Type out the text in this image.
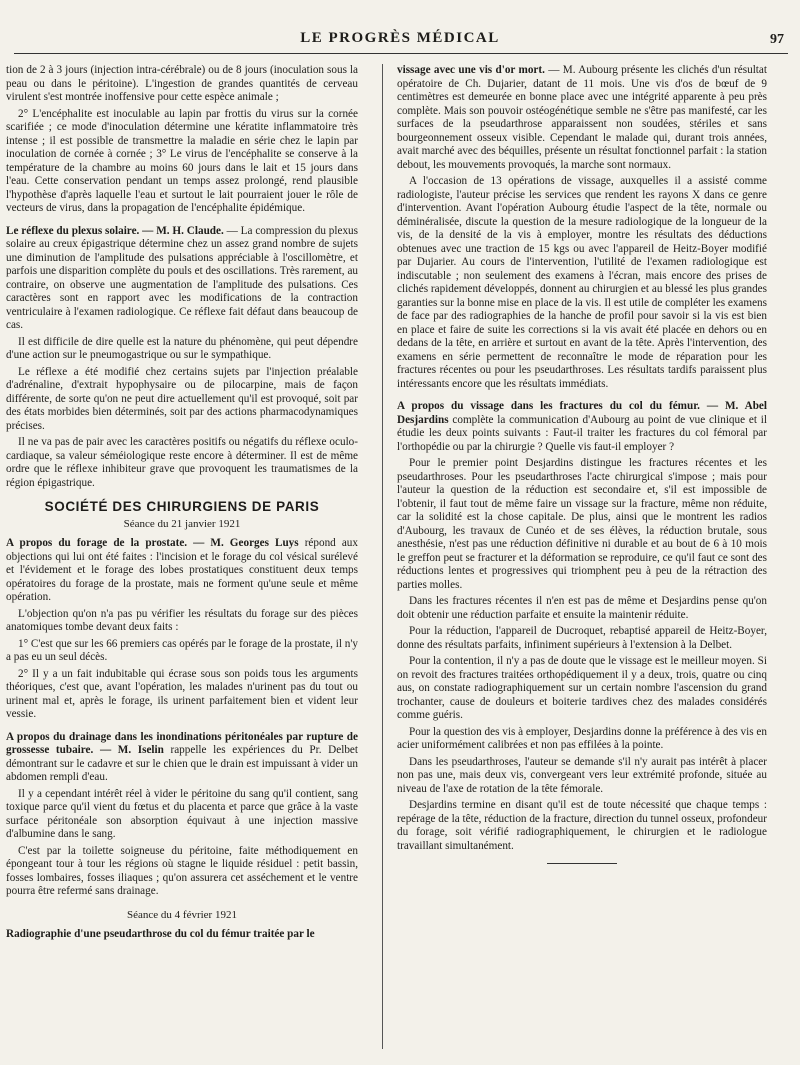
LE PROGRÈS MÉDICAL	97

tion de 2 à 3 jours (injection intra-cérébrale) ou de 8 jours (inoculation sous la peau ou dans le péritoine). L'ingestion de grandes quantités de cerveau virulent s'est montrée inoffensive pour cette espèce animale ;

2° L'encéphalite est inoculable au lapin par frottis du virus sur la cornée scarifiée ; ce mode d'inoculation détermine une kératite inflammatoire très intense ; il est possible de transmettre la maladie en série chez le lapin par inoculation de cornée à cornée ; 3° Le virus de l'encéphalite se conserve à la température de la chambre au moins 60 jours dans le lait et 15 jours dans l'eau. Cette conservation pendant un temps assez prolongé, rend plausible l'hypothèse d'après laquelle l'eau et surtout le lait pourraient jouer le rôle de vecteurs de virus, dans la propagation de l'encéphalite épidémique.

Le réflexe du plexus solaire. — M. H. Claude. — La compression du plexus solaire au creux épigastrique détermine chez un assez grand nombre de sujets une diminution de l'amplitude des pulsations appréciable à l'oscillomètre, et parfois une disparition complète du pouls et des oscillations. Très rarement, au contraire, on observe une augmentation de l'amplitude des pulsations. Ces caractères sont en rapport avec les modifications de la contraction ventriculaire à l'examen radiologique. Ce réflexe fait défaut dans beaucoup de cas.

Il est difficile de dire quelle est la nature du phénomène, qui peut dépendre d'une action sur le pneumogastrique ou sur le sympathique.

Le réflexe a été modifié chez certains sujets par l'injection préalable d'adrénaline, d'extrait hypophysaire ou de pilocarpine, mais de façon différente, de sorte qu'on ne peut dire actuellement qu'il est provoqué, soit par des états morbides bien déterminés, soit par des actions pharmacodynamiques précises.

Il ne va pas de pair avec les caractères positifs ou négatifs du réflexe oculo-cardiaque, sa valeur séméiologique reste encore à déterminer. Il est de même ordre que le réflexe inhibiteur grave que provoquent les traumatismes de la région épigastrique.

SOCIÉTÉ DES CHIRURGIENS DE PARIS
Séance du 21 janvier 1921

A propos du forage de la prostate. — M. Georges Luys répond aux objections qui lui ont été faites : l'incision et le forage du col vésical surélevé et l'évidement et le forage des lobes prostatiques constituent deux temps opératoires du forage de la prostate, mais ne forment qu'une seule et même opération.

L'objection qu'on n'a pas pu vérifier les résultats du forage sur des pièces anatomiques tombe devant deux faits :

1° C'est que sur les 66 premiers cas opérés par le forage de la prostate, il n'y a pas eu un seul décès.

2° Il y a un fait indubitable qui écrase sous son poids tous les arguments théoriques, c'est que, avant l'opération, les malades n'urinent pas du tout ou urinent mal et, après le forage, ils urinent parfaitement bien et vident leur vessie.

A propos du drainage dans les inondinations péritonéales par rupture de grossesse tubaire. — M. Iselin rappelle les expériences du Pr. Delbet démontrant sur le cadavre et sur le chien que le drain est impuissant à vider un abdomen rempli d'eau.

Il y a cependant intérêt réel à vider le péritoine du sang qu'il contient, sang toxique parce qu'il vient du fœtus et du placenta et parce que grâce à la vaste surface péritonéale son absorption équivaut à une injection massive d'albumine dans le sang.

C'est par la toilette soigneuse du péritoine, faite méthodiquement en épongeant tour à tour les régions où stagne le liquide résiduel : petit bassin, fosses lombaires, fosses iliaques ; qu'on assurera cet asséchement et le ventre pourra être refermé sans drainage.

Séance du 4 février 1921

Radiographie d'une pseudarthrose du col du fémur traitée par le

vissage avec une vis d'or mort. — M. Aubourg présente les clichés d'un résultat opératoire de Ch. Dujarier, datant de 11 mois. Une vis d'os de bœuf de 9 centimètres est demeurée en bonne place avec une intégrité apparente à peu près complète. Mais son pouvoir ostéogénétique semble ne s'être pas manifesté, car les surfaces de la pseudarthrose apparaissent non soudées, stériles et sans bourgeonnement osseux visible. Cependant le malade qui, durant trois années, avait marché avec des béquilles, présente un résultat fonctionnel parfait : la station debout, les mouvements provoqués, la marche sont normaux.

A l'occasion de 13 opérations de vissage, auxquelles il a assisté comme radiologiste, l'auteur précise les services que rendent les rayons X dans ce genre d'intervention. Avant l'opération Aubourg étudie l'aspect de la tête, normale ou déminéralisée, discute la question de la mesure radiologique de la longueur de la vis, de la densité de la vis à employer, montre les résultats des déductions obtenues avec une traction de 15 kgs ou avec l'appareil de Heitz-Boyer modifié par Dujarier. Au cours de l'intervention, l'utilité de l'examen radiologique est indiscutable ; non seulement des examens à l'écran, mais encore des prises de clichés rapidement développés, donnent au chirurgien et au blessé les plus grandes garanties sur la bonne mise en place de la vis. Il est utile de compléter les examens de face par des radiographies de la hanche de profil pour savoir si la vis est bien en place et faire de suite les corrections si la vis avait été placée en dehors ou en dedans de la tête, en arrière et surtout en avant de la tête. Après l'intervention, des examens en série permettent de reconnaître le mode de réparation pour les fractures récentes ou pour les pseudarthroses. Les résultats tardifs paraissent plus intéressants encore que les résultats immédiats.

A propos du vissage dans les fractures du col du fémur. — M. Abel Desjardins complète la communication d'Aubourg au point de vue clinique et il étudie les deux points suivants : Faut-il traiter les fractures du col fémoral par l'orthopédie ou par la chirurgie ? Quelle vis faut-il employer ?

Pour le premier point Desjardins distingue les fractures récentes et les pseudarthroses. Pour les pseudarthroses l'acte chirurgical s'impose ; mais pour l'auteur la question de la réduction est secondaire et, s'il est impossible de l'obtenir, il faut tout de même faire un vissage sur la fracture, même non réduite, car la solidité est la chose capitale. De plus, ainsi que le montrent les radios d'Aubourg, les travaux de Cunéo et de ses élèves, la réduction brutale, sous anesthésie, n'est pas une réduction définitive ni durable et au bout de 6 à 10 mois le greffon peut se fracturer et la déformation se reproduire, ce qu'il faut ce sont des réductions lentes et progressives qui triomphent peu à peu de la rétraction des parties molles.

Dans les fractures récentes il n'en est pas de même et Desjardins pense qu'on doit obtenir une réduction parfaite et ensuite la maintenir réduite.

Pour la réduction, l'appareil de Ducroquet, rebaptisé appareil de Heitz-Boyer, donne des résultats parfaits, infiniment supérieurs à l'extension à la Delbet.

Pour la contention, il n'y a pas de doute que le vissage est le meilleur moyen. Si on revoit des fractures traitées orthopédiquement il y a deux, trois, quatre ou cinq aus, on constate radiographiquement sur un certain nombre l'ascension du grand trochanter, cause de douleurs et boiterie tardives chez des malades considérés comme guéris.

Pour la question des vis à employer, Desjardins donne la préférence à des vis en acier uniformément calibrées et non pas effilées à la pointe.

Dans les pseudarthroses, l'auteur se demande s'il n'y aurait pas intérêt à placer non pas une, mais deux vis, convergeant vers leur extrémité profonde, située au niveau de l'axe de rotation de la tête fémorale.

Desjardins termine en disant qu'il est de toute nécessité que chaque temps : repérage de la tête, réduction de la fracture, direction du tunnel osseux, profondeur du forage, soit vérifié radiographiquement, le chirurgien et le radiologue travaillant simultanément.
